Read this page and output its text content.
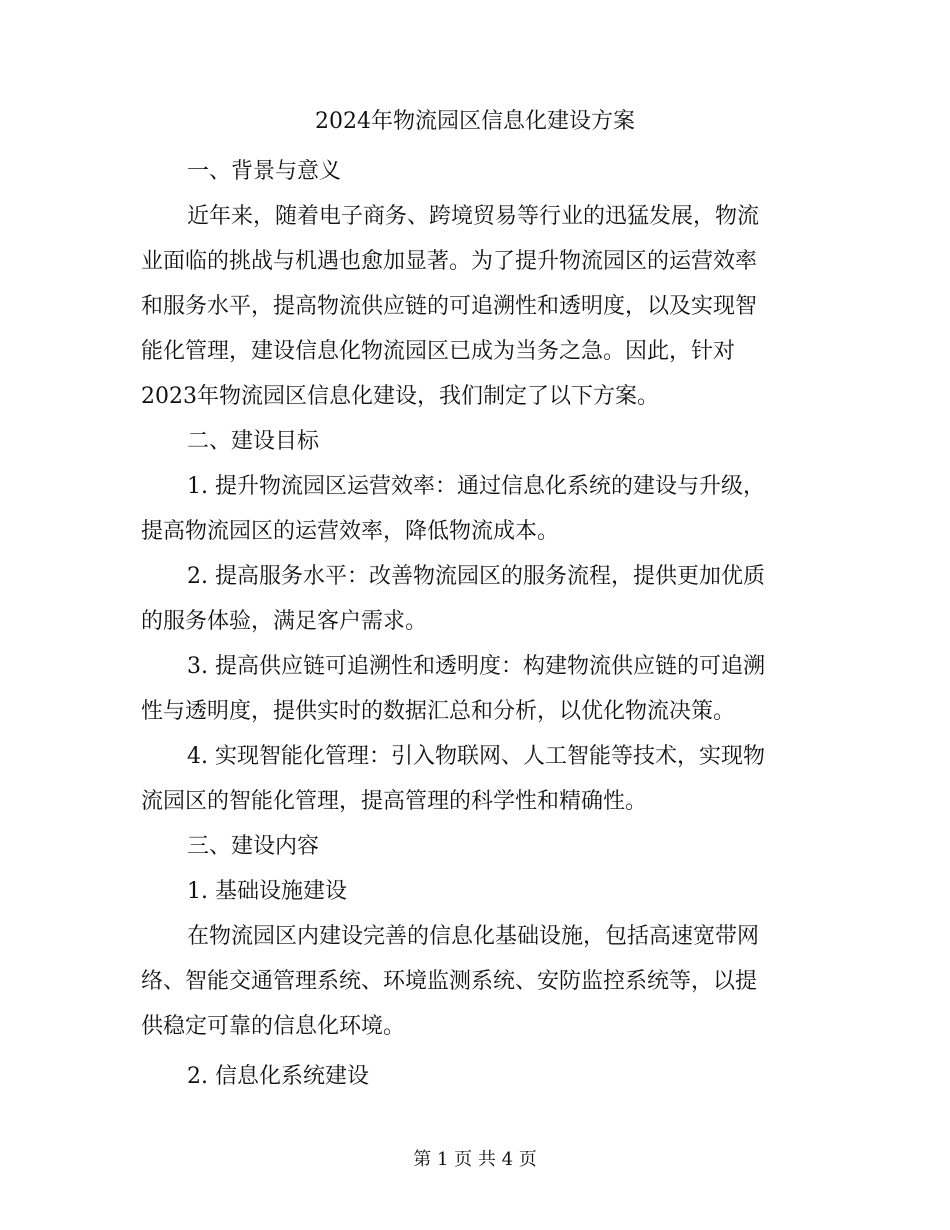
2024年物流园区信息化建设方案
一、背景与意义
近年来，随着电子商务、跨境贸易等行业的迅猛发展，物流
业面临的挑战与机遇也愈加显著。为了提升物流园区的运营效率
和服务水平，提高物流供应链的可追溯性和透明度，以及实现智
能化管理，建设信息化物流园区已成为当务之急。因此，针对
2023年物流园区信息化建设，我们制定了以下方案。
二、建设目标
1. 提升物流园区运营效率：通过信息化系统的建设与升级，
提高物流园区的运营效率，降低物流成本。
2. 提高服务水平：改善物流园区的服务流程，提供更加优质
的服务体验，满足客户需求。
3. 提高供应链可追溯性和透明度：构建物流供应链的可追溯
性与透明度，提供实时的数据汇总和分析，以优化物流决策。
4. 实现智能化管理：引入物联网、人工智能等技术，实现物
流园区的智能化管理，提高管理的科学性和精确性。
三、建设内容
1. 基础设施建设
在物流园区内建设完善的信息化基础设施，包括高速宽带网
络、智能交通管理系统、环境监测系统、安防监控系统等，以提
供稳定可靠的信息化环境。
2. 信息化系统建设
第 1 页 共 4 页
